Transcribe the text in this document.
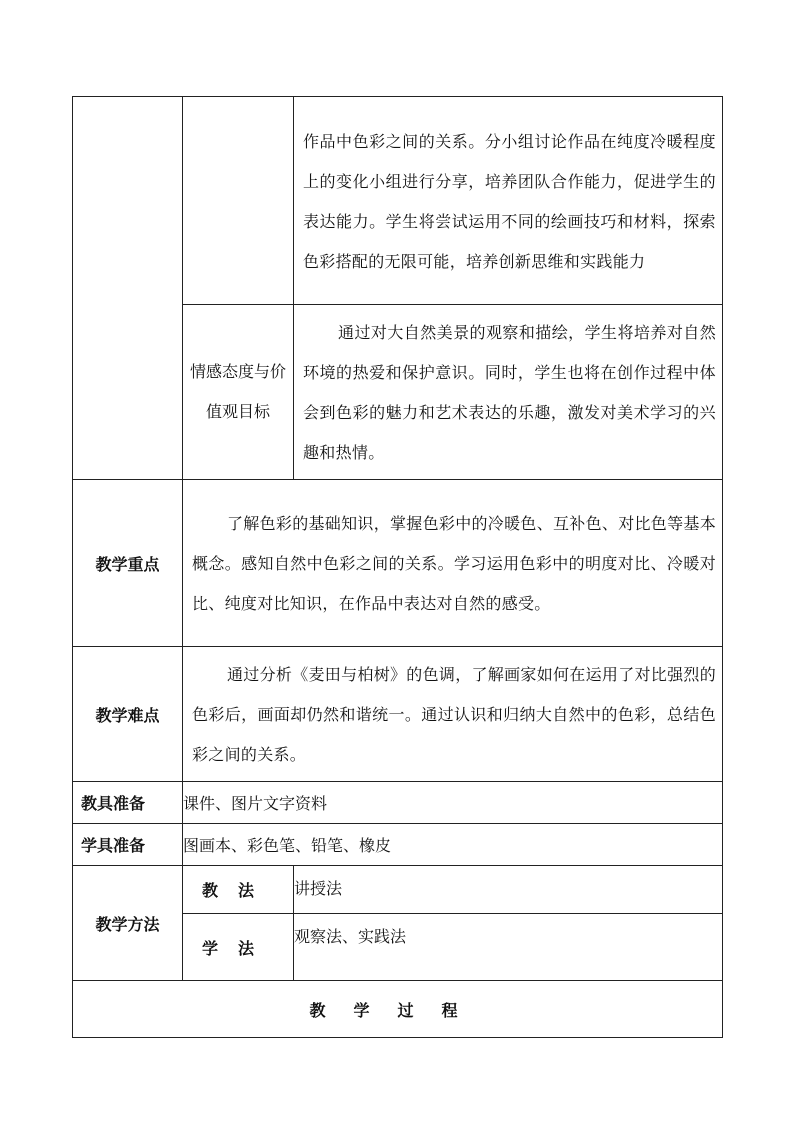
		作品中色彩之间的关系。分小组讨论作品在纯度冷暖程度上的变化小组进行分享，培养团队合作能力，促进学生的表达能力。学生将尝试运用不同的绘画技巧和材料，探索色彩搭配的无限可能，培养创新思维和实践能力

	情感态度与价值观目标	通过对大自然美景的观察和描绘，学生将培养对自然环境的热爱和保护意识。同时，学生也将在创作过程中体会到色彩的魅力和艺术表达的乐趣，激发对美术学习的兴趣和热情。

教学重点	了解色彩的基础知识，掌握色彩中的冷暖色、互补色、对比色等基本概念。感知自然中色彩之间的关系。学习运用色彩中的明度对比、冷暖对比、纯度对比知识，在作品中表达对自然的感受。	

教学难点	通过分析《麦田与柏树》的色调，了解画家如何在运用了对比强烈的色彩后，画面却仍然和谐统一。通过认识和归纳大自然中的色彩，总结色彩之间的关系。	

教具准备	课件、图片文字资料	
学具准备	图画本、彩色笔、铅笔、橡皮	
教学方法	教法	讲授法
	学法	观察法、实践法
教学过程		
